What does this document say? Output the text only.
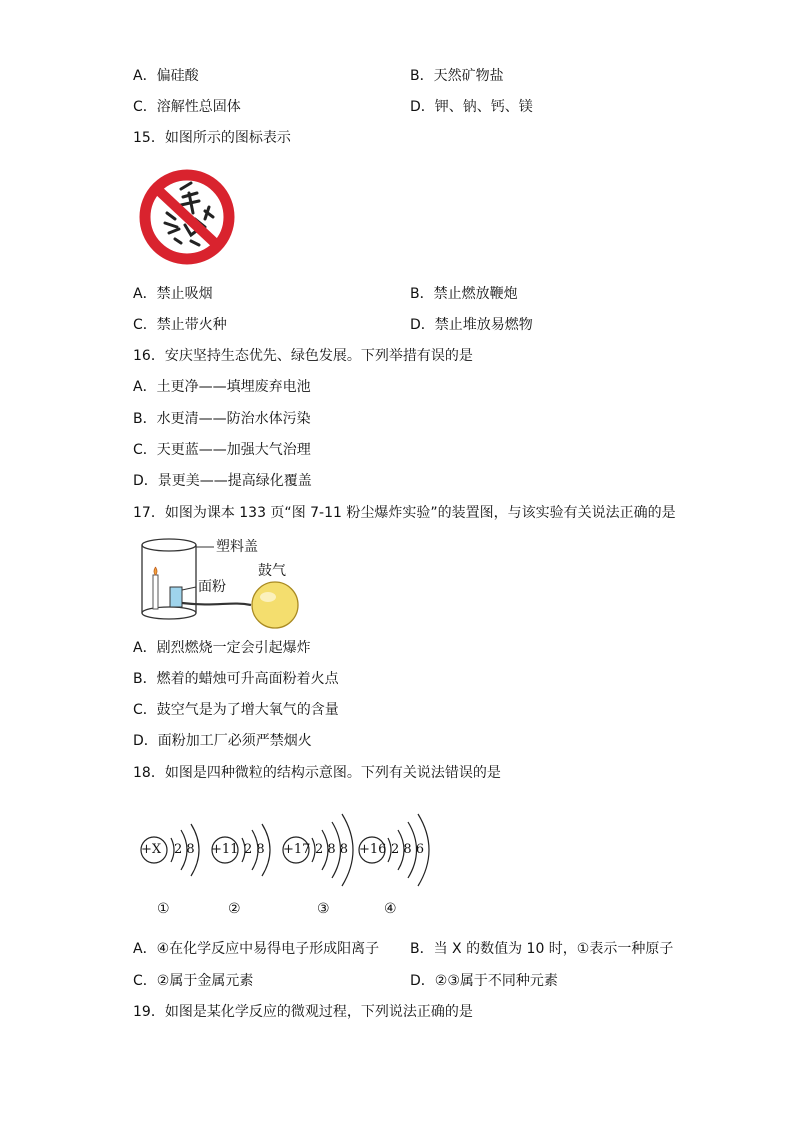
A．偏硅酸	B．天然矿物盐
C．溶解性总固体	D．钾、钠、钙、镁
15．如图所示的图标表示
A．禁止吸烟	B．禁止燃放鞭炮
C．禁止带火种	D．禁止堆放易燃物
16．安庆坚持生态优先、绿色发展。下列举措有误的是
A．土更净——填埋废弃电池
B．水更清——防治水体污染
C．天更蓝——加强大气治理
D．景更美——提高绿化覆盖
17．如图为课本 133 页“图 7-11 粉尘爆炸实验”的装置图，与该实验有关说法正确的是
塑料盖
面粉
鼓气
A．剧烈燃烧一定会引起爆炸
B．燃着的蜡烛可升高面粉着火点
C．鼓空气是为了增大氧气的含量
D．面粉加工厂必须严禁烟火
18．如图是四种微粒的结构示意图。下列有关说法错误的是
+X 2 8
①
+11 2 8
②
+17 2 8 8
③
+16 2 8 6
④
A．④在化学反应中易得电子形成阳离子 B．当 X 的数值为 10 时，①表示一种原子
C．②属于金属元素	D．②③属于不同种元素
19．如图是某化学反应的微观过程，下列说法正确的是
